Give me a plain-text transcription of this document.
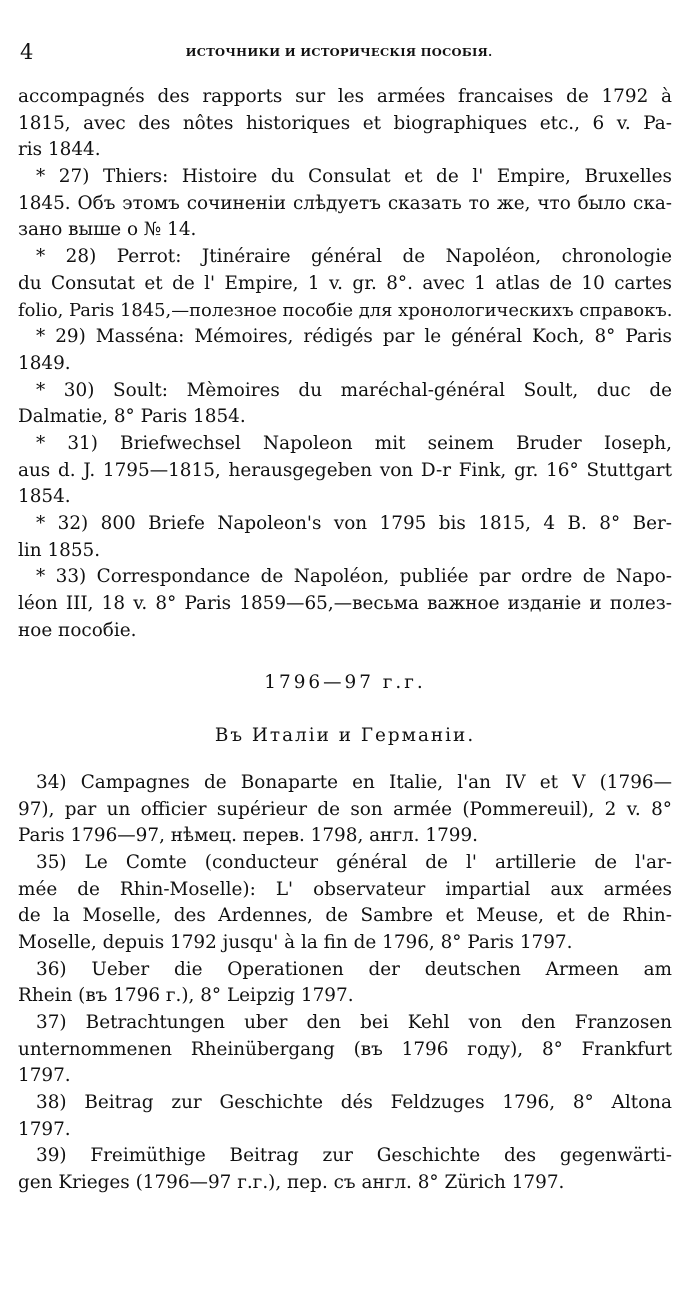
4	ИСТОЧНИКИ И ИСТОРИЧЕСКІЯ ПОСОБІЯ.
accompagnés des rapports sur les armées francaises de 1792 à
1815, avec des nôtes historiques et biographiques etc., 6 v. Pa-
ris 1844.
* 27) Thiers: Histoire du Consulat et de l' Empire, Bruxelles
1845. Объ этомъ сочиненіи слѣдуетъ сказать то же, что было ска-
зано выше о № 14.
* 28) Perrot: Jtinéraire général de Napoléon, chronologie
du Consutat et de l' Empire, 1 v. gr. 8°. avec 1 atlas de 10 cartes
folio, Paris 1845,—полезное пособіе для хронологическихъ справокъ.
* 29) Masséna: Mémoires, rédigés par le général Koch, 8° Paris
1849.
* 30) Soult: Mèmoires du maréchal-général Soult, duc de
Dalmatie, 8° Paris 1854.
* 31) Briefwechsel Napoleon mit seinem Bruder Ioseph,
aus d. J. 1795—1815, herausgegeben von D-r Fink, gr. 16° Stuttgart
1854.
* 32) 800 Briefe Napoleon's von 1795 bis 1815, 4 B. 8° Ber-
lin 1855.
* 33) Correspondance de Napoléon, publiée par ordre de Napo-
léon III, 18 v. 8° Paris 1859—65,—весьма важное изданіе и полез-
ное пособіе.
1796—97 г.г.
Въ Италіи и Германіи.
34) Campagnes de Bonaparte en Italie, l'an IV et V (1796—
97), par un officier supérieur de son armée (Pommereuil), 2 v. 8°
Paris 1796—97, нѣмец. перев. 1798, англ. 1799.
35) Le Comte (conducteur général de l' artillerie de l'ar-
mée de Rhin-Moselle): L' observateur impartial aux armées
de la Moselle, des Ardennes, de Sambre et Meuse, et de Rhin-
Moselle, depuis 1792 jusqu' à la fin de 1796, 8° Paris 1797.
36) Ueber die Operationen der deutschen Armeen am
Rhein (въ 1796 г.), 8° Leipzig 1797.
37) Betrachtungen uber den bei Kehl von den Franzosen
unternommenen Rheinübergang (въ 1796 году), 8° Frankfurt
1797.
38) Beitrag zur Geschichte dés Feldzuges 1796, 8° Altona
1797.
39) Freimüthige Beitrag zur Geschichte des gegenwärti-
gen Krieges (1796—97 г.г.), пер. съ англ. 8° Zürich 1797.
